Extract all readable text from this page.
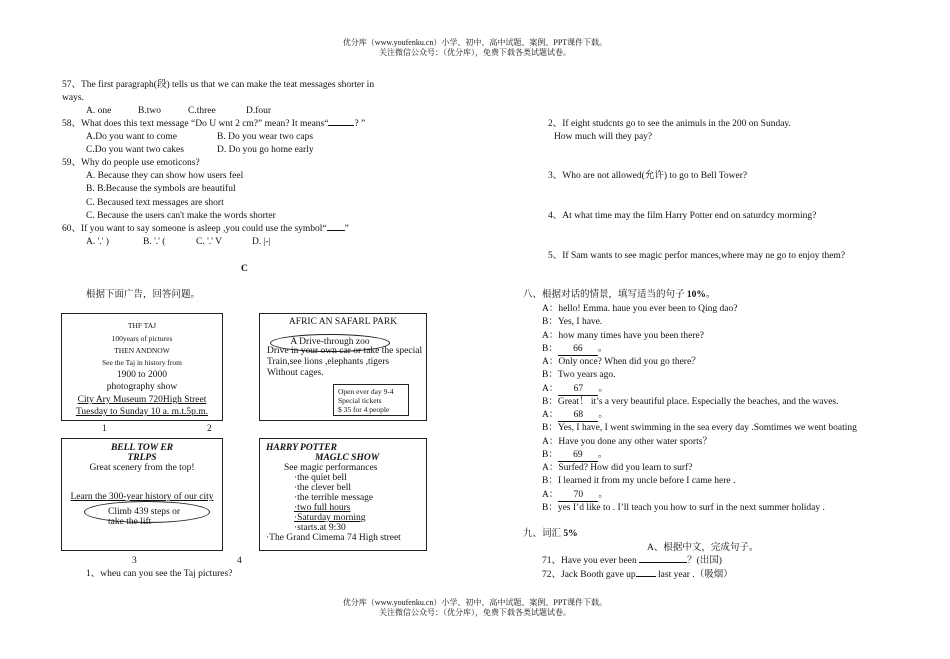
优分库（www.youfenku.cn）小学、初中、高中试题、案例、PPT课件下载。
关注微信公众号：（优分库），免费下载各类试题试卷。
57、The first paragraph(段) tells us that we can make the teat messages shorter in
ways.
A. one	B.two	C.three	D.four
58、What does this text message “Do U wnt 2 cm?” mean? It means“	? ”
A.Do you want to come	B. Do you wear two caps
C.Do you want two cakes	D. Do you go home early
59、Why do people use emoticons?
A. Because they can show how users feel
B. B.Because the symbols are beautiful
C. Becaused text messages are short
C. Because the users can't make the words shorter
60、If you want to say someone is asleep ,you could use the symbol“ ”
A. '.' )	B. '.' (	C. '.' V	D. |-|
C
根据下面广告，回答问题。
THF TAJ
100years of pictures
THEN ANDNOW
See the Taj in history from
1900 to 2000
photography show
City Ary Museum 720High Street
Tuesday to Sunday 10 a. m.t.5p.m.
AFRIC AN SAFARL PARK
A Drive-through zoo
Drive in your own car or take the special
Train,see lions ,elephants ,tigers
Without cages.
Open ever day 9-4
Special tickets
$ 35 for 4 people
1	2
BELL TOW ER
TRLPS
Great scenery from the top!
Learn the 300-year history of our city
Climb 439 steps or
take the lift
HARRY POTTER
MAGLC SHOW
See magic performances
·the quiet bell
·the clever bell
·the terrible message
·two full hours
·Saturday morning
·starts.at 9:30
·The Grand Cimema 74 High street
3	4
1、wheu can you see the Taj pictures?
2、If eight studcnts go to see the animuls in the 200 on Sunday.
How much will they pay?
3、Who are not allowed(允许) to go to Bell Tower?
4、At what time may the film Harry Potter end on saturdcy morming?
5、If Sam wants to see magic perfor mances,where may ne go to enjoy them?
八、根据对话的情景，填写适当的句子 10%。
A：hello! Emma. haue you ever been to Qing dao?
B：Yes, I have.
A：how many times have you been there?
B： 66 。
A：Only once? When did you go there？
B：Two years ago.
A： 67 。
B：Great！ it’s a very beautiful place. Especially the beaches, and the waves.
A： 68 。
B：Yes, I have, I went swimming in the sea every day .Somtimes we went boating
A：Have you done any other water sports？
B： 69 。
A：Surfed? How did you learn to surf?
B：I learned it from my uncle before I came here .
A： 70 。
B：yes I’d like to . I’ll teach you how to surf in the next summer holiday .
九、词汇 5%
A、根据中文，完成句子。
71、Have you ever been	？(出国)
72、Jack Booth gave up last year .（吸烟）
优分库（www.youfenku.cn）小学、初中、高中试题、案例、PPT课件下载。
关注微信公众号：（优分库），免费下载各类试题试卷。
